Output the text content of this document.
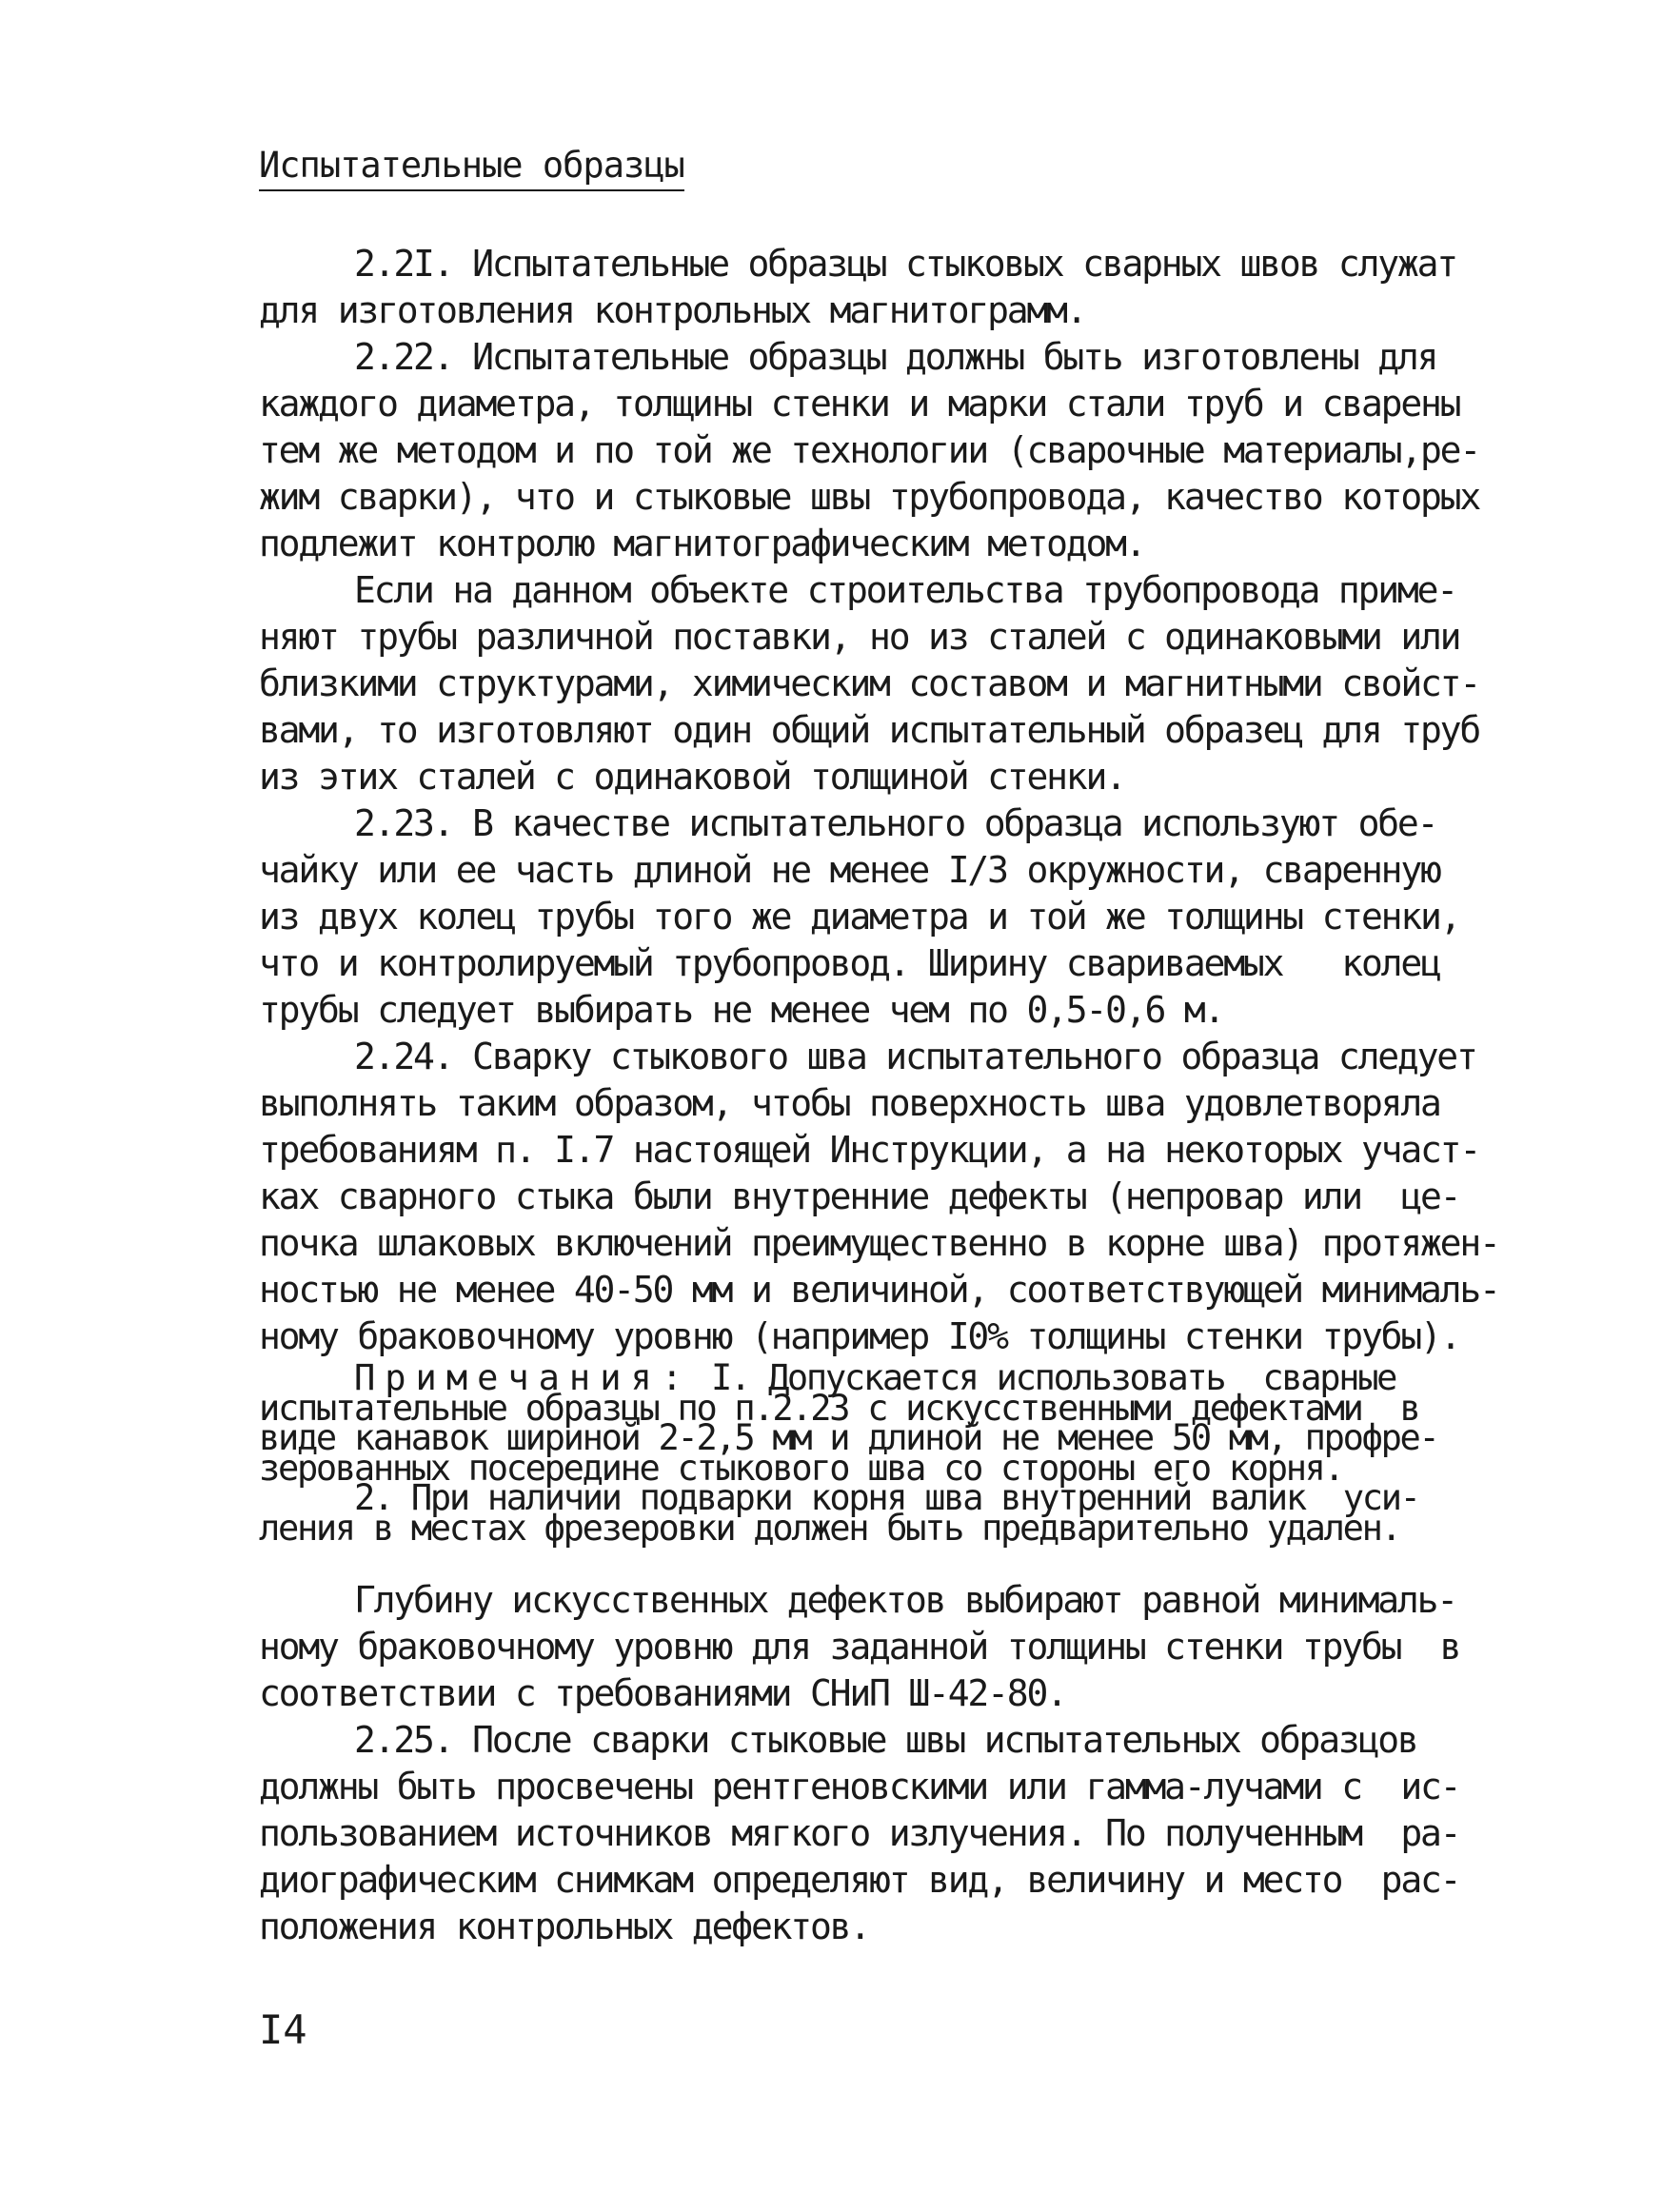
Испытательные образцы
2.2I. Испытательные образцы стыковых сварных швов служат
для изготовления контрольных магнитограмм.
2.22. Испытательные образцы должны быть изготовлены для
каждого диаметра, толщины стенки и марки стали труб и сварены
тем же методом и по той же технологии (сварочные материалы,ре-
жим сварки), что и стыковые швы трубопровода, качество которых
подлежит контролю магнитографическим методом.
Если на данном объекте строительства трубопровода приме-
няют трубы различной поставки, но из сталей с одинаковыми или
близкими структурами, химическим составом и магнитными свойст-
вами, то изготовляют один общий испытательный образец для труб
из этих сталей с одинаковой толщиной стенки.
2.23. В качестве испытательного образца используют обе-
чайку или ее часть длиной не менее I/3 окружности, сваренную
из двух колец трубы того же диаметра и той же толщины стенки,
что и контролируемый трубопровод. Ширину свариваемых   колец
трубы следует выбирать не менее чем по 0,5-0,6 м.
2.24. Сварку стыкового шва испытательного образца следует
выполнять таким образом, чтобы поверхность шва удовлетворяла
требованиям п. I.7 настоящей Инструкции, а на некоторых участ-
ках сварного стыка были внутренние дефекты (непровар или  це-
почка шлаковых включений преимущественно в корне шва) протяжен-
ностью не менее 40-50 мм и величиной, соответствующей минималь-
ному браковочному уровню (например I0% толщины стенки трубы).
Примечания: I. Допускается использовать  сварные
испытательные образцы по п.2.23 с искусственными дефектами  в
виде канавок шириной 2-2,5 мм и длиной не менее 50 мм, профре-
зерованных посередине стыкового шва со стороны его корня.
2. При наличии подварки корня шва внутренний валик  уси-
ления в местах фрезеровки должен быть предварительно удален.
Глубину искусственных дефектов выбирают равной минималь-
ному браковочному уровню для заданной толщины стенки трубы  в
соответствии с требованиями СНиП Ш-42-80.
2.25. После сварки стыковые швы испытательных образцов
должны быть просвечены рентгеновскими или гамма-лучами с  ис-
пользованием источников мягкого излучения. По полученным  ра-
диографическим снимкам определяют вид, величину и место  рас-
положения контрольных дефектов.
I4
